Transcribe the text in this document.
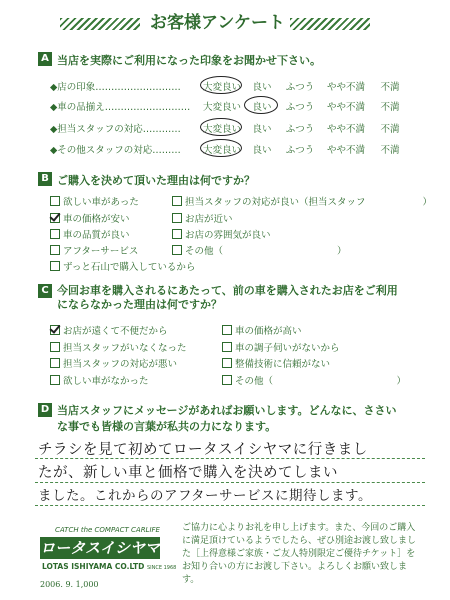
お客様アンケート
A 当店を実際にご利用になった印象をお聞かせ下さい。
◆店の印象………………………	大変良い	良い	ふつう	やや不満	不満
◆車の品揃え………………………	大変良い	良い	ふつう	やや不満	不満
◆担当スタッフの対応…………	大変良い	良い	ふつう	やや不満	不満
◆その他スタッフの対応………	大変良い	良い	ふつう	やや不満	不満
B ご購入を決めて頂いた理由は何ですか？
欲しい車があった	担当スタッフの対応が良い（担当スタッフ　　　　　　）
車の価格が安い	お店が近い
車の品質が良い	お店の雰囲気が良い
アフターサービス	その他（　　　　　　　　　　　　）
ずっと石山で購入しているから
C 今回お車を購入されるにあたって、前の車を購入されたお店をご利用
にならなかった理由は何ですか？
お店が遠くて不便だから	車の価格が高い
担当スタッフがいなくなった	車の調子伺いがないから
担当スタッフの対応が悪い	整備技術に信頼がない
欲しい車がなかった	その他（　　　　　　　　　　　　　）
D 当店スタッフにメッセージがあればお願いします。どんなに、ささい
な事でも皆様の言葉が私共の力になります。
チラシを見て初めてロータスイシヤマに行きまし
たが、新しい車と価格で購入を決めてしまい
ました。これからのアフターサービスに期待します。
CATCH the COMPACT CARLIFE
ロータスイシヤマ
LOTAS ISHIYAMA CO.LTD SINCE 1968
2006. 9. 1,000
ご協力に心よりお礼を申し上げます。また、今回のご購入に満足頂けているようでしたら、ぜひ別途お渡し致しました［上得意様ご家族・ご友人特別限定ご優待チケット］をお知り合いの方にお渡し下さい。よろしくお願い致します。
